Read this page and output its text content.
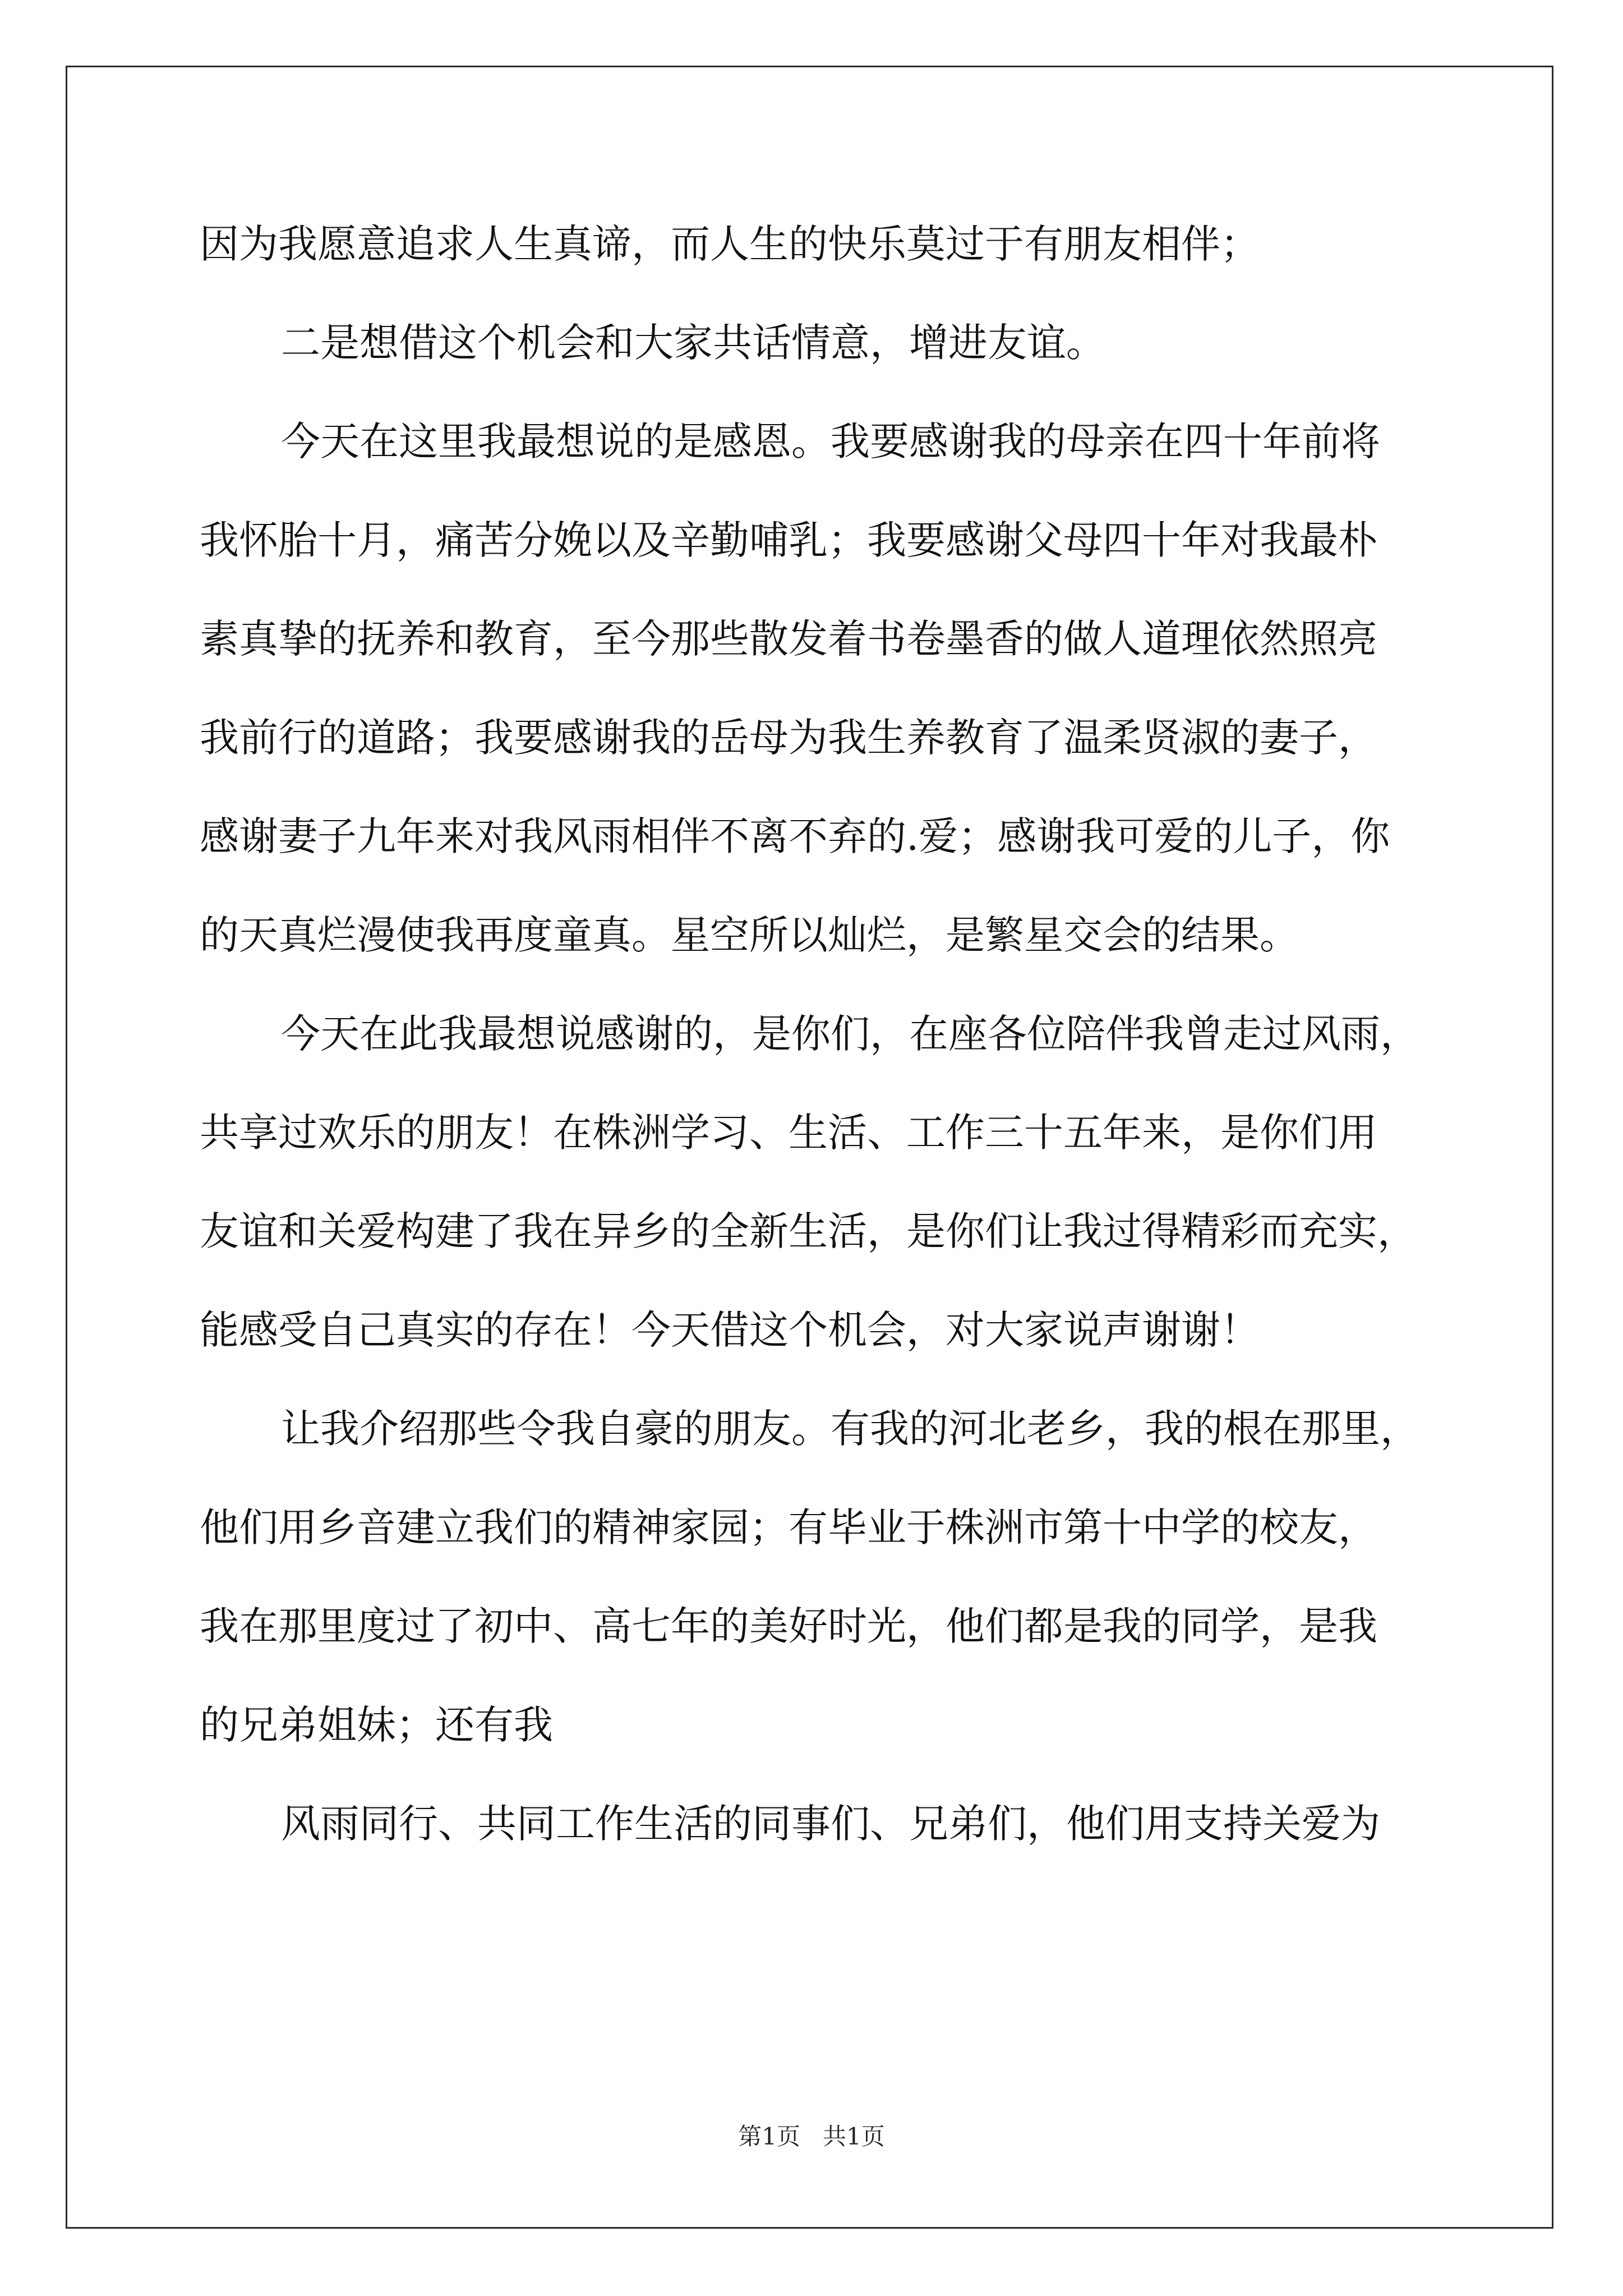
因为我愿意追求人生真谛，而人生的快乐莫过于有朋友相伴；
二是想借这个机会和大家共话情意，增进友谊。
今天在这里我最想说的是感恩。我要感谢我的母亲在四十年前将
我怀胎十月，痛苦分娩以及辛勤哺乳；我要感谢父母四十年对我最朴
素真挚的抚养和教育，至今那些散发着书卷墨香的做人道理依然照亮
我前行的道路；我要感谢我的岳母为我生养教育了温柔贤淑的妻子，
感谢妻子九年来对我风雨相伴不离不弃的.爱；感谢我可爱的儿子，你
的天真烂漫使我再度童真。星空所以灿烂，是繁星交会的结果。
今天在此我最想说感谢的，是你们，在座各位陪伴我曾走过风雨，
共享过欢乐的朋友！在株洲学习、生活、工作三十五年来，是你们用
友谊和关爱构建了我在异乡的全新生活，是你们让我过得精彩而充实，
能感受自己真实的存在！今天借这个机会，对大家说声谢谢！
让我介绍那些令我自豪的朋友。有我的河北老乡，我的根在那里，
他们用乡音建立我们的精神家园；有毕业于株洲市第十中学的校友，
我在那里度过了初中、高七年的美好时光，他们都是我的同学，是我
的兄弟姐妹；还有我
风雨同行、共同工作生活的同事们、兄弟们，他们用支持关爱为
第1页 共1页
